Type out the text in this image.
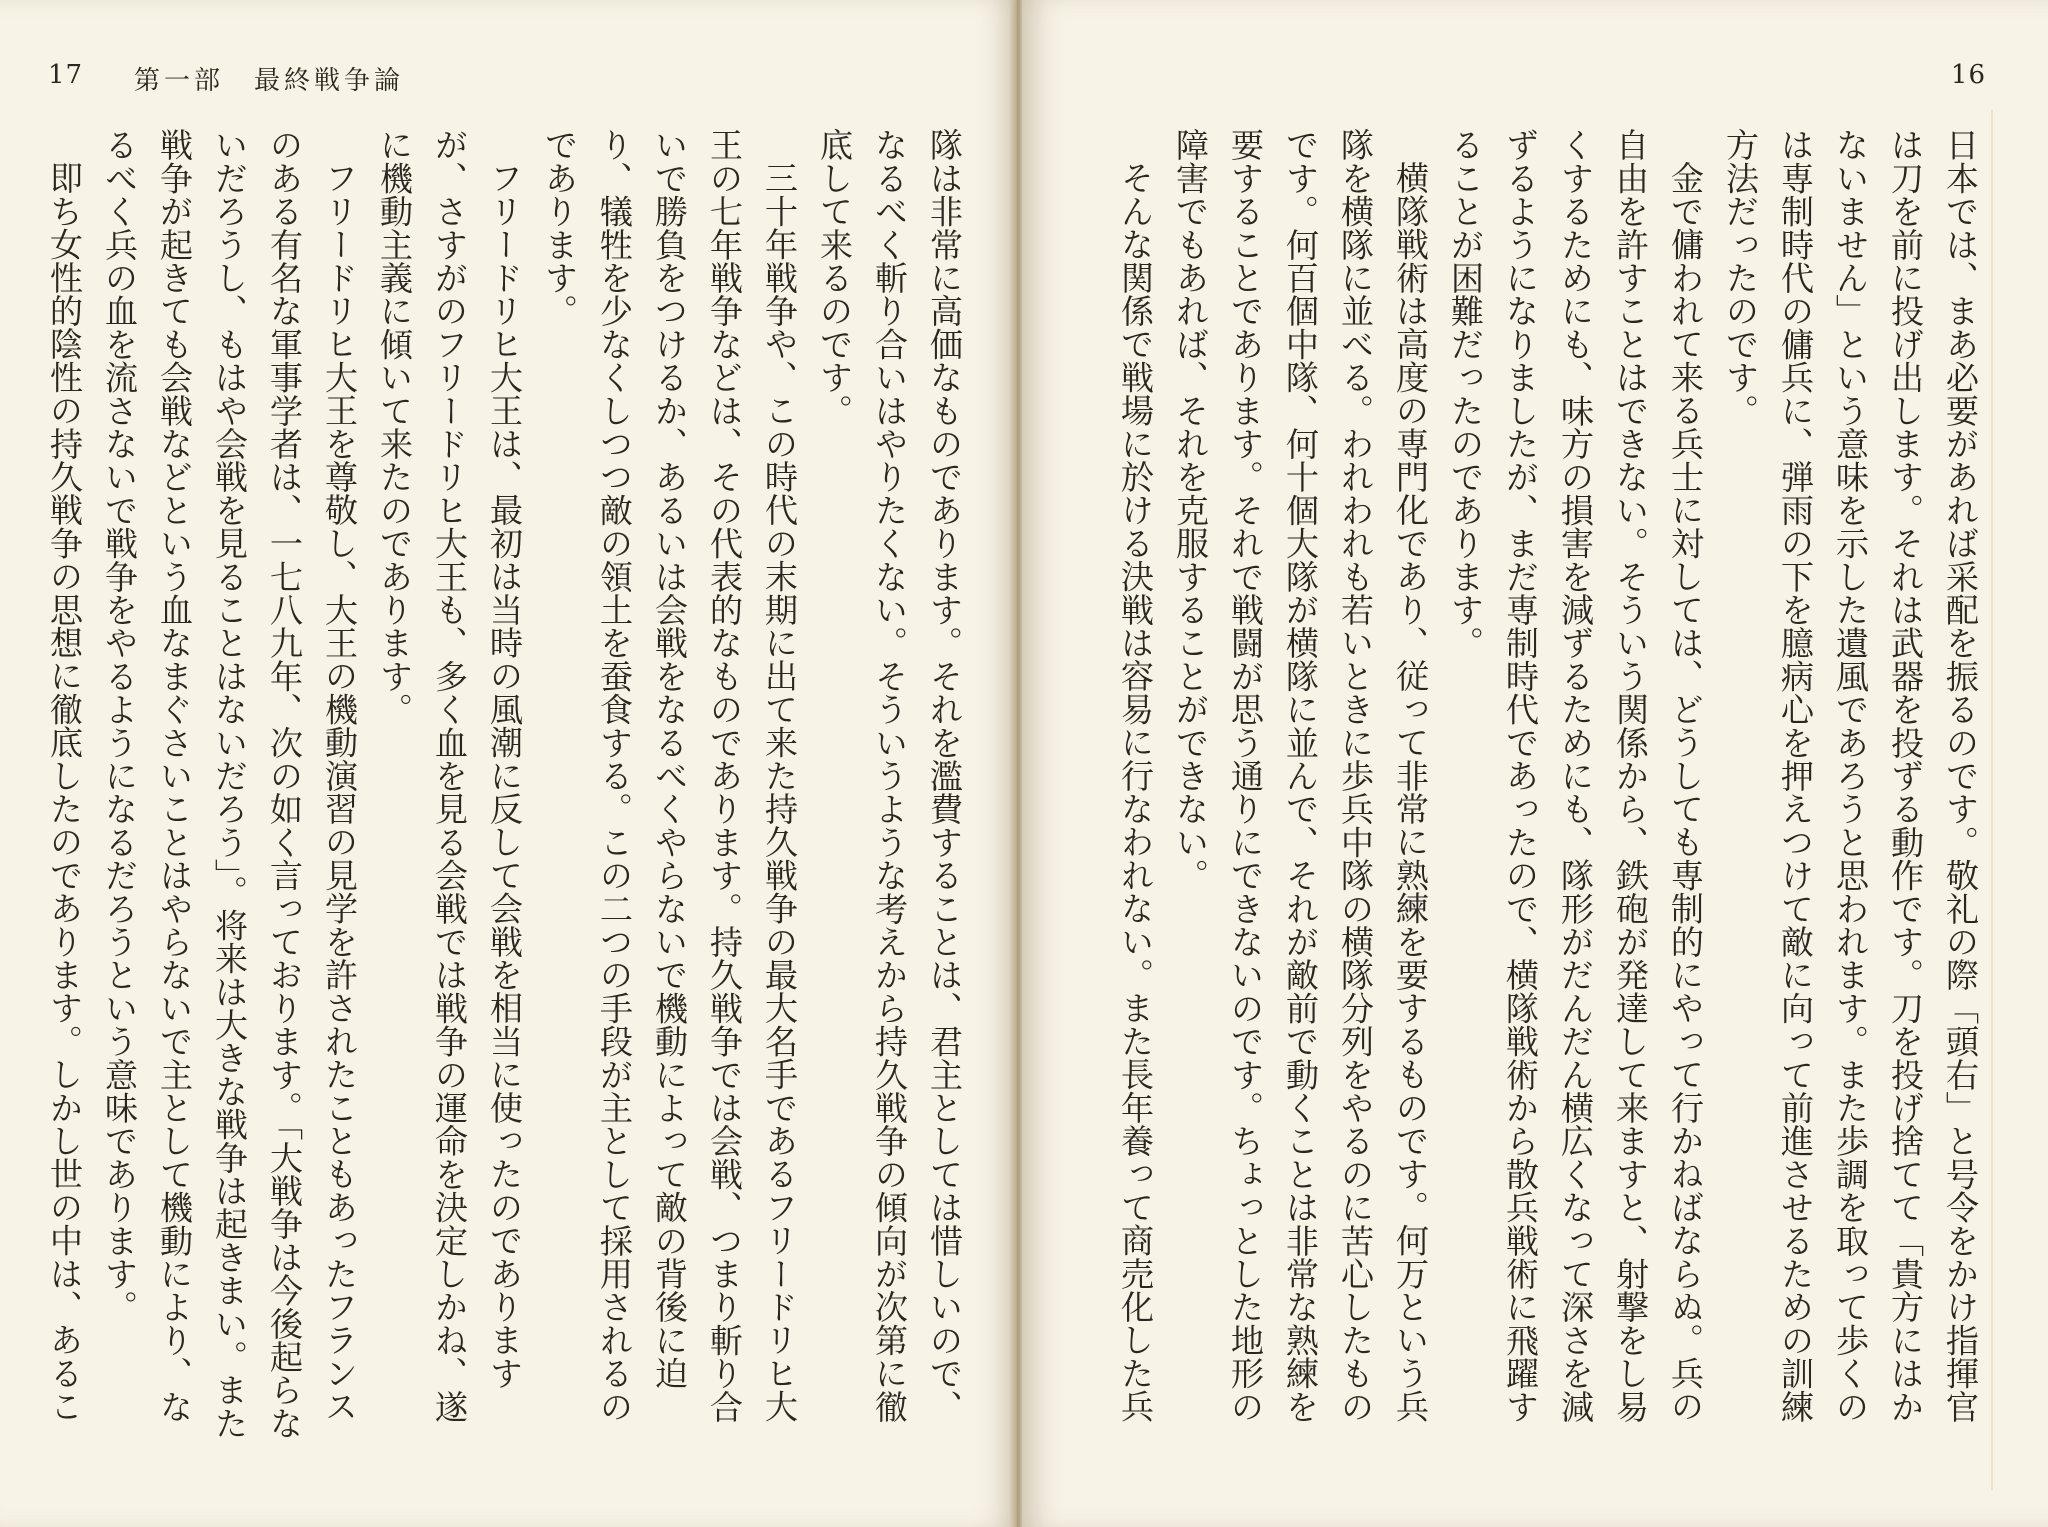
17 第一部　最終戦争論

隊は非常に高価なものであります。それを濫費することは、君主としては惜しいので、なるべく斬り合いはやりたくない。そういうような考えから持久戦争の傾向が次第に徹底して来るのです。

三十年戦争や、この時代の末期に出て来た持久戦争の最大名手であるフリードリヒ大王の七年戦争などは、その代表的なものであります。持久戦争では会戦、つまり斬り合いで勝負をつけるか、あるいは会戦をなるべくやらないで機動によって敵の背後に迫り、犠牲を少なくしつつ敵の領土を蚕食する。この二つの手段が主として採用されるのであります。

フリードリヒ大王は、最初は当時の風潮に反して会戦を相当に使ったのでありますが、さすがのフリードリヒ大王も、多く血を見る会戦では戦争の運命を決定しかね、遂に機動主義に傾いて来たのであります。

フリードリヒ大王を尊敬し、大王の機動演習の見学を許されたこともあったフランスのある有名な軍事学者は、一七八九年、次の如く言っております。「大戦争は今後起らないだろうし、もはや会戦を見ることはないだろう」。将来は大きな戦争は起きまい。また戦争が起きても会戦などという血なまぐさいことはやらないで主として機動により、なるべく兵の血を流さないで戦争をやるようになるだろうという意味であります。

即ち女性的陰性の持久戦争の思想に徹底したのであります。しかし世の中は、あるこ

16

日本では、まあ必要があれば采配を振るのです。敬礼の際「頭右」と号令をかけ指揮官は刀を前に投げ出します。それは武器を投ずる動作です。刀を投げ捨てて「貴方にはかないません」という意味を示した遺風であろうと思われます。また歩調を取って歩くのは専制時代の傭兵に、弾雨の下を臆病心を押えつけて敵に向って前進させるための訓練方法だったのです。

金で傭われて来る兵士に対しては、どうしても専制的にやって行かねばならぬ。兵の自由を許すことはできない。そういう関係から、鉄砲が発達して来ますと、射撃をし易くするためにも、味方の損害を減ずるためにも、隊形がだんだん横広くなって深さを減ずるようになりましたが、まだ専制時代であったので、横隊戦術から散兵戦術に飛躍することが困難だったのであります。

横隊戦術は高度の専門化であり、従って非常に熟練を要するものです。何万という兵隊を横隊に並べる。われわれも若いときに歩兵中隊の横隊分列をやるのに苦心したものです。何百個中隊、何十個大隊が横隊に並んで、それが敵前で動くことは非常な熟練を要することであります。それで戦闘が思う通りにできないのです。ちょっとした地形の障害でもあれば、それを克服することができない。

そんな関係で戦場に於ける決戦は容易に行なわれない。また長年養って商売化した兵
